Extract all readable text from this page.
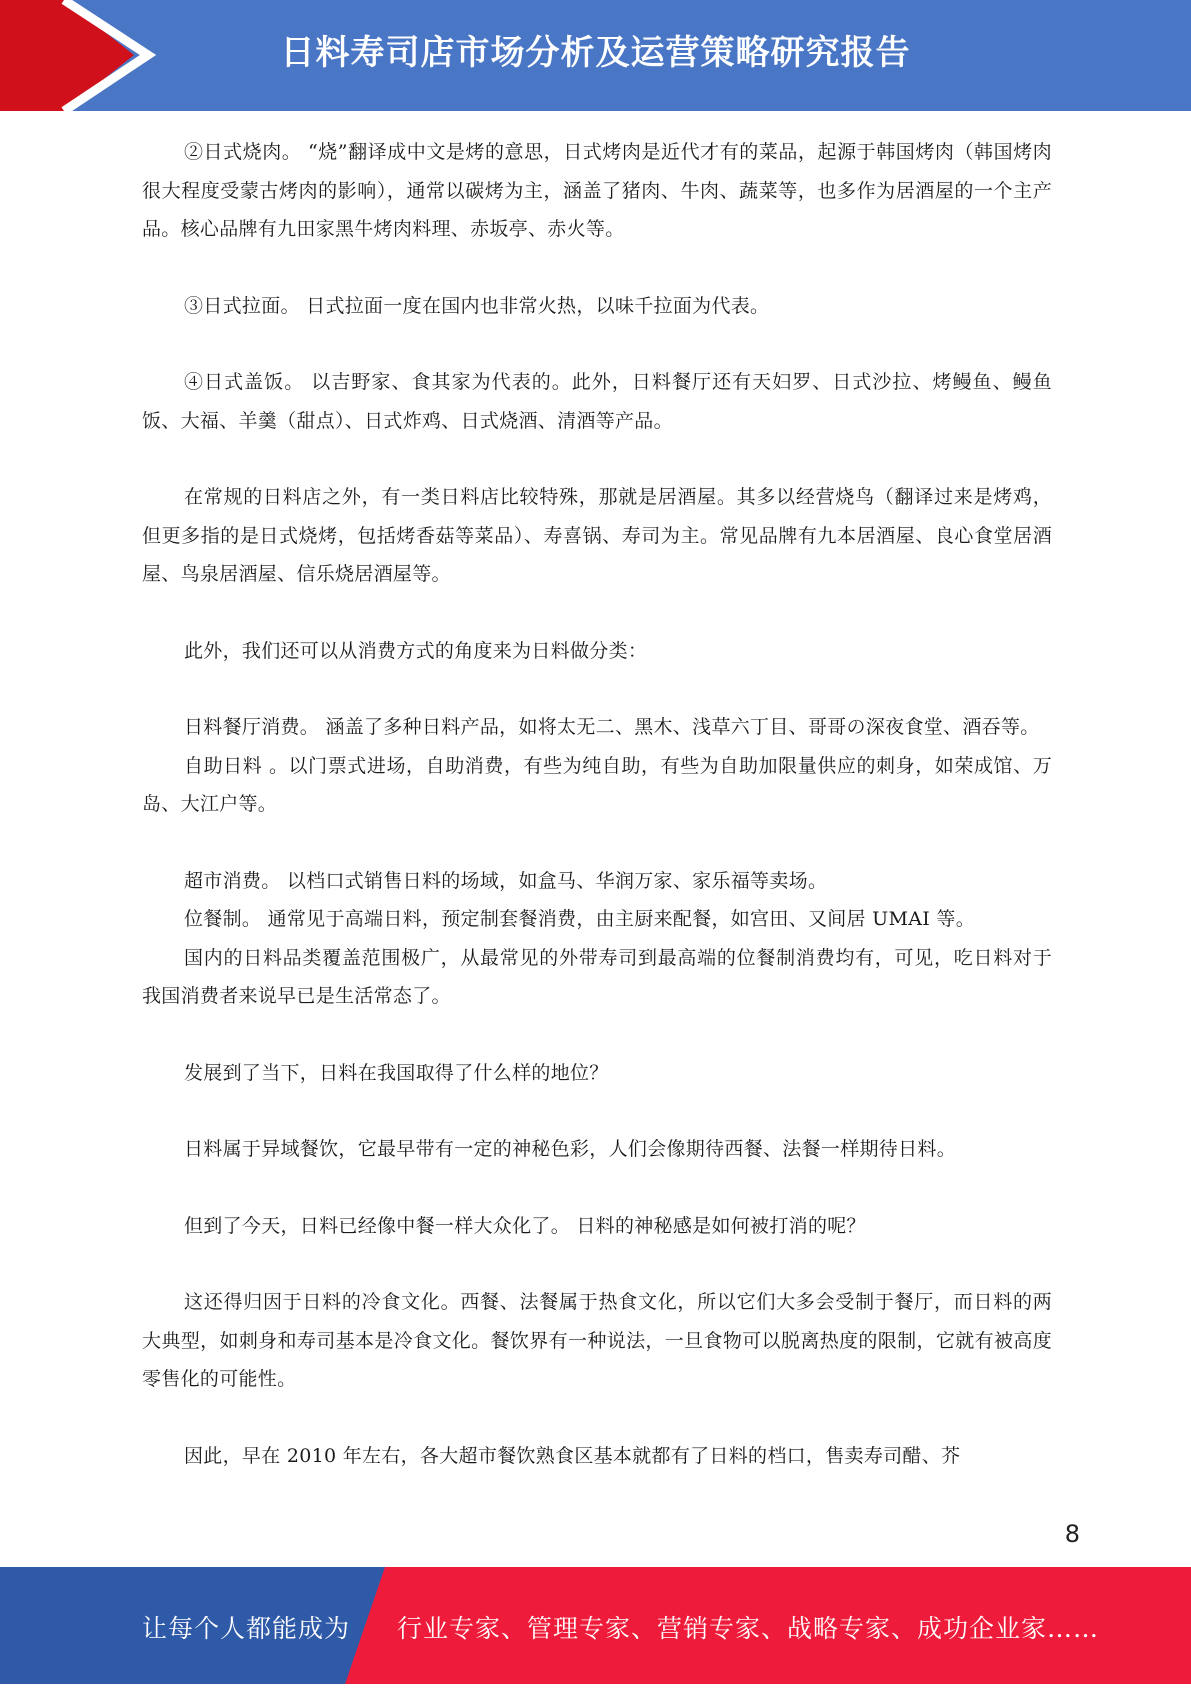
日料寿司店市场分析及运营策略研究报告

②日式烧肉。 “烧”翻译成中文是烤的意思，日式烤肉是近代才有的菜品，起源于韩国烤肉（韩国烤肉很大程度受蒙古烤肉的影响），通常以碳烤为主，涵盖了猪肉、牛肉、蔬菜等，也多作为居酒屋的一个主产品。核心品牌有九田家黑牛烤肉料理、赤坂亭、赤火等。

③日式拉面。 日式拉面一度在国内也非常火热，以味千拉面为代表。

④日式盖饭。 以吉野家、食其家为代表的。此外，日料餐厅还有天妇罗、日式沙拉、烤鳗鱼、鳗鱼饭、大福、羊羹（甜点）、日式炸鸡、日式烧酒、清酒等产品。

在常规的日料店之外，有一类日料店比较特殊，那就是居酒屋。其多以经营烧鸟（翻译过来是烤鸡，但更多指的是日式烧烤，包括烤香菇等菜品）、寿喜锅、寿司为主。常见品牌有九本居酒屋、良心食堂居酒屋、鸟泉居酒屋、信乐烧居酒屋等。

此外，我们还可以从消费方式的角度来为日料做分类：

日料餐厅消费。 涵盖了多种日料产品，如将太无二、黑木、浅草六丁目、哥哥の深夜食堂、酒吞等。

自助日料 。以门票式进场，自助消费，有些为纯自助，有些为自助加限量供应的刺身，如荣成馆、万岛、大江户等。

超市消费。 以档口式销售日料的场域，如盒马、华润万家、家乐福等卖场。

位餐制。 通常见于高端日料，预定制套餐消费，由主厨来配餐，如宫田、又间居 UMAI 等。

国内的日料品类覆盖范围极广，从最常见的外带寿司到最高端的位餐制消费均有，可见，吃日料对于我国消费者来说早已是生活常态了。

发展到了当下，日料在我国取得了什么样的地位？

日料属于异域餐饮，它最早带有一定的神秘色彩，人们会像期待西餐、法餐一样期待日料。

但到了今天，日料已经像中餐一样大众化了。 日料的神秘感是如何被打消的呢？

这还得归因于日料的冷食文化。西餐、法餐属于热食文化，所以它们大多会受制于餐厅，而日料的两大典型，如刺身和寿司基本是冷食文化。餐饮界有一种说法，一旦食物可以脱离热度的限制，它就有被高度零售化的可能性。

因此，早在 2010 年左右，各大超市餐饮熟食区基本就都有了日料的档口，售卖寿司醋、芥

8
让每个人都能成为 行业专家、管理专家、营销专家、战略专家、成功企业家……
